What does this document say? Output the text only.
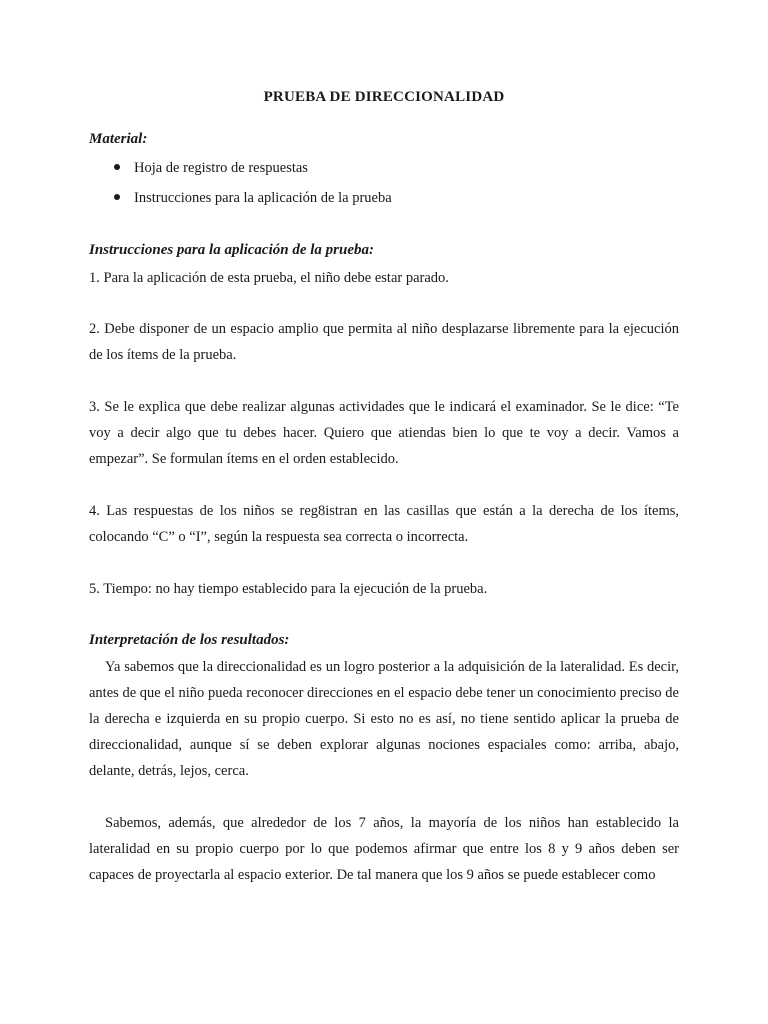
PRUEBA DE DIRECCIONALIDAD

Material:

Hoja de registro de respuestas
Instrucciones para la aplicación de la prueba

Instrucciones para la aplicación de la prueba:

1. Para la aplicación de esta prueba, el niño debe estar parado.

2. Debe disponer de un espacio amplio que permita al niño desplazarse libremente para la ejecución de los ítems de la prueba.

3. Se le explica que debe realizar algunas actividades que le indicará el examinador. Se le dice: “Te voy a decir algo que tu debes hacer. Quiero que atiendas bien lo que te voy a decir. Vamos a empezar”. Se formulan ítems en el orden establecido.

4. Las respuestas de los niños se reg8istran en las casillas que están a la derecha de los ítems, colocando “C” o “I”, según la respuesta sea correcta o incorrecta.

5. Tiempo: no hay tiempo establecido para la ejecución de la prueba.

Interpretación de los resultados:

Ya sabemos que la direccionalidad es un logro posterior a la adquisición de la lateralidad. Es decir, antes de que el niño pueda reconocer direcciones en el espacio debe tener un conocimiento preciso de la derecha e izquierda en su propio cuerpo. Si esto no es así, no tiene sentido aplicar la prueba de direccionalidad, aunque sí se deben explorar algunas nociones espaciales como: arriba, abajo, delante, detrás, lejos, cerca.

Sabemos, además, que alrededor de los 7 años, la mayoría de los niños han establecido la lateralidad en su propio cuerpo por lo que podemos afirmar que entre los 8 y 9 años deben ser capaces de proyectarla al espacio exterior. De tal manera que los 9 años se puede establecer como
